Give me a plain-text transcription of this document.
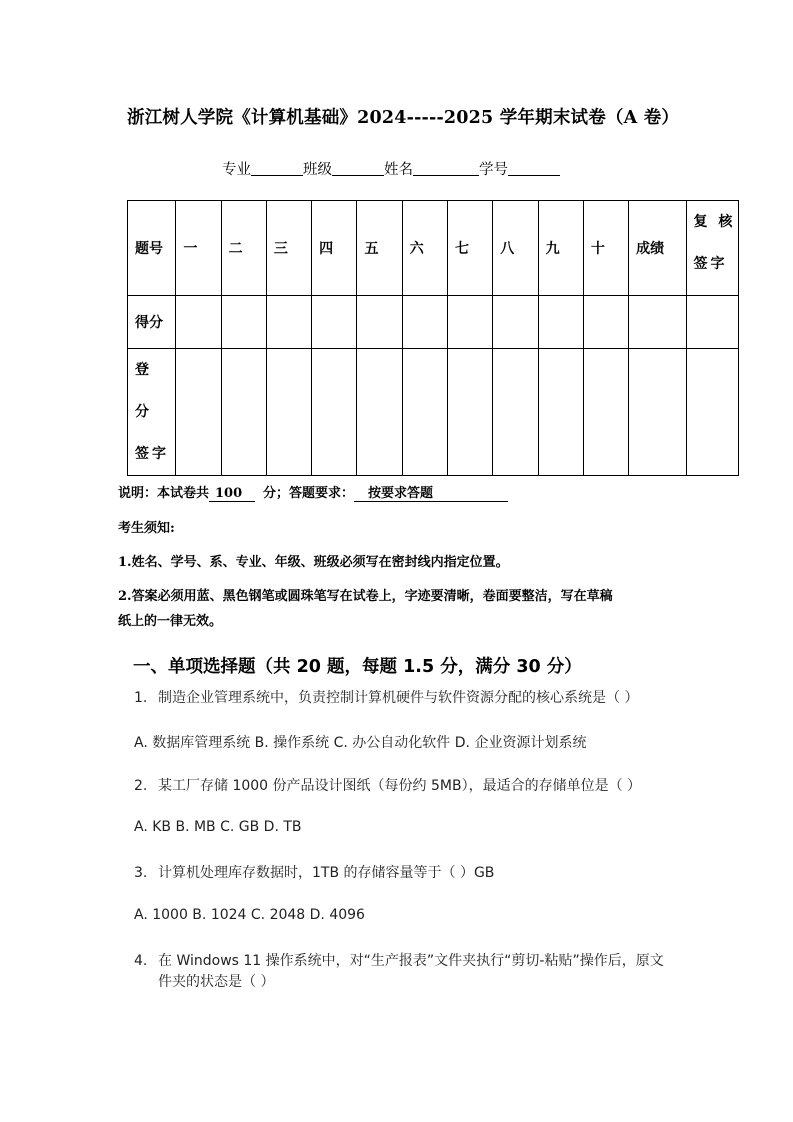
浙江树人学院《计算机基础》2024-----2025 学年期末试卷（A 卷）
专业	班级	姓名	学号
题号	一	二	三	四	五	六	七	八	九	十	成绩	复 核
签字

得分												

登 分
签字												

说明：本试卷共 100 分；答题要求： 按要求答题
考生须知:
1.姓名、学号、系、专业、年级、班级必须写在密封线内指定位置。
2.答案必须用蓝、黑色钢笔或圆珠笔写在试卷上，字迹要清晰，卷面要整洁，写在草稿
纸上的一律无效。
一、单项选择题（共 20 题，每题 1.5 分，满分 30 分）
1. 制造企业管理系统中，负责控制计算机硬件与软件资源分配的核心系统是（ ）
A. 数据库管理系统 B. 操作系统 C. 办公自动化软件 D. 企业资源计划系统
2. 某工厂存储 1000 份产品设计图纸（每份约 5MB），最适合的存储单位是（ ）
A. KB B. MB C. GB D. TB
3. 计算机处理库存数据时，1TB 的存储容量等于（ ）GB
A. 1000 B. 1024 C. 2048 D. 4096
4. 在 Windows 11 操作系统中，对“生产报表”文件夹执行“剪切-粘贴”操作后，原文
件夹的状态是（ ）
